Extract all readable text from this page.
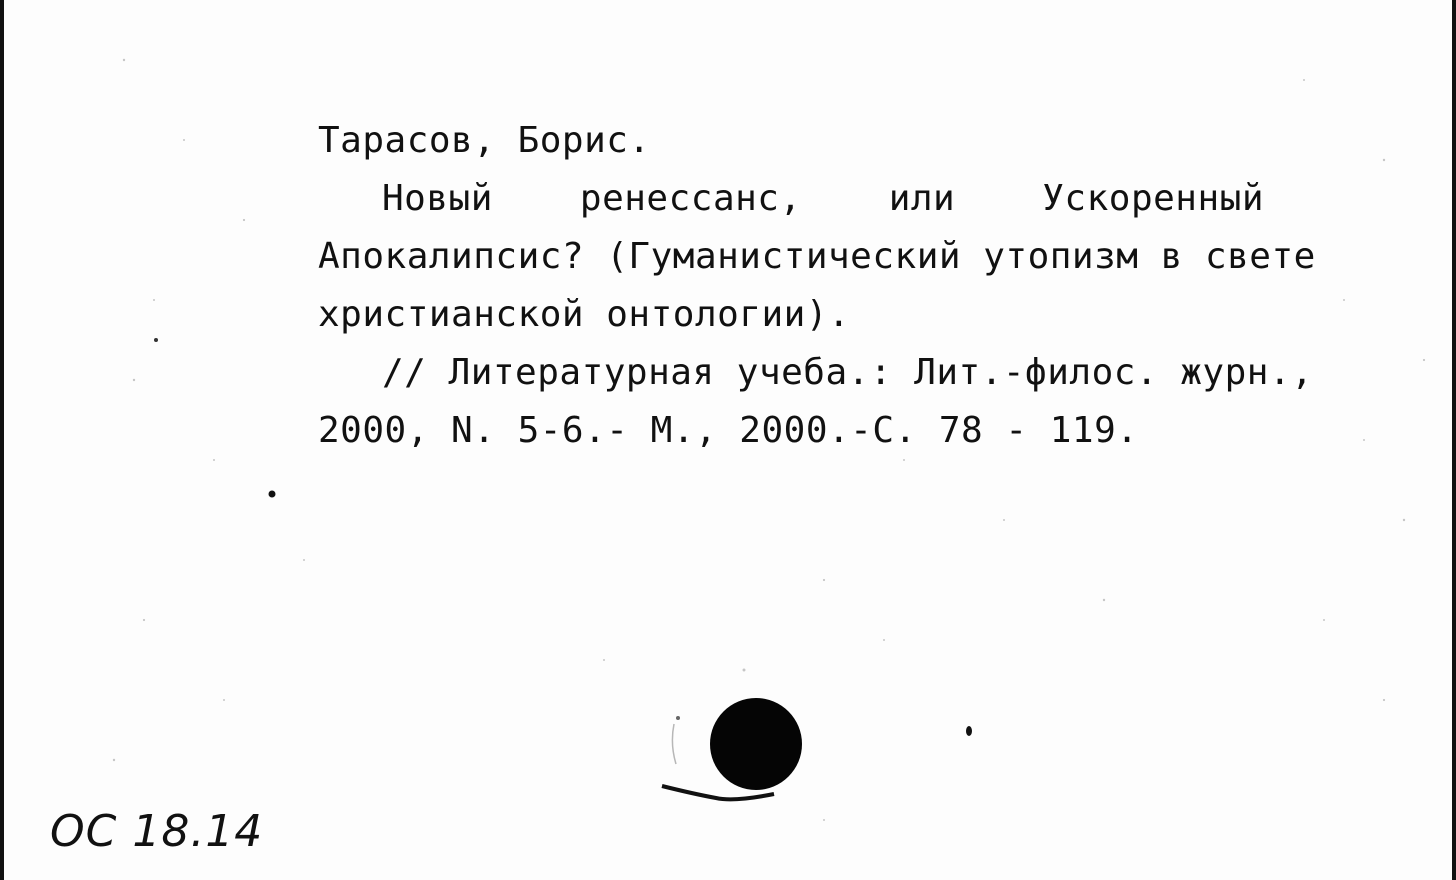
Тарасов, Борис.
Новый ренессанс, или Ускоренный
Апокалипсис? (Гуманистический утопизм в свете
христианской онтологии).
// Литературная учеба.: Лит.-филос. журн.,
2000, N. 5-6.- М., 2000.-С. 78 - 119.
ОС 18.14
